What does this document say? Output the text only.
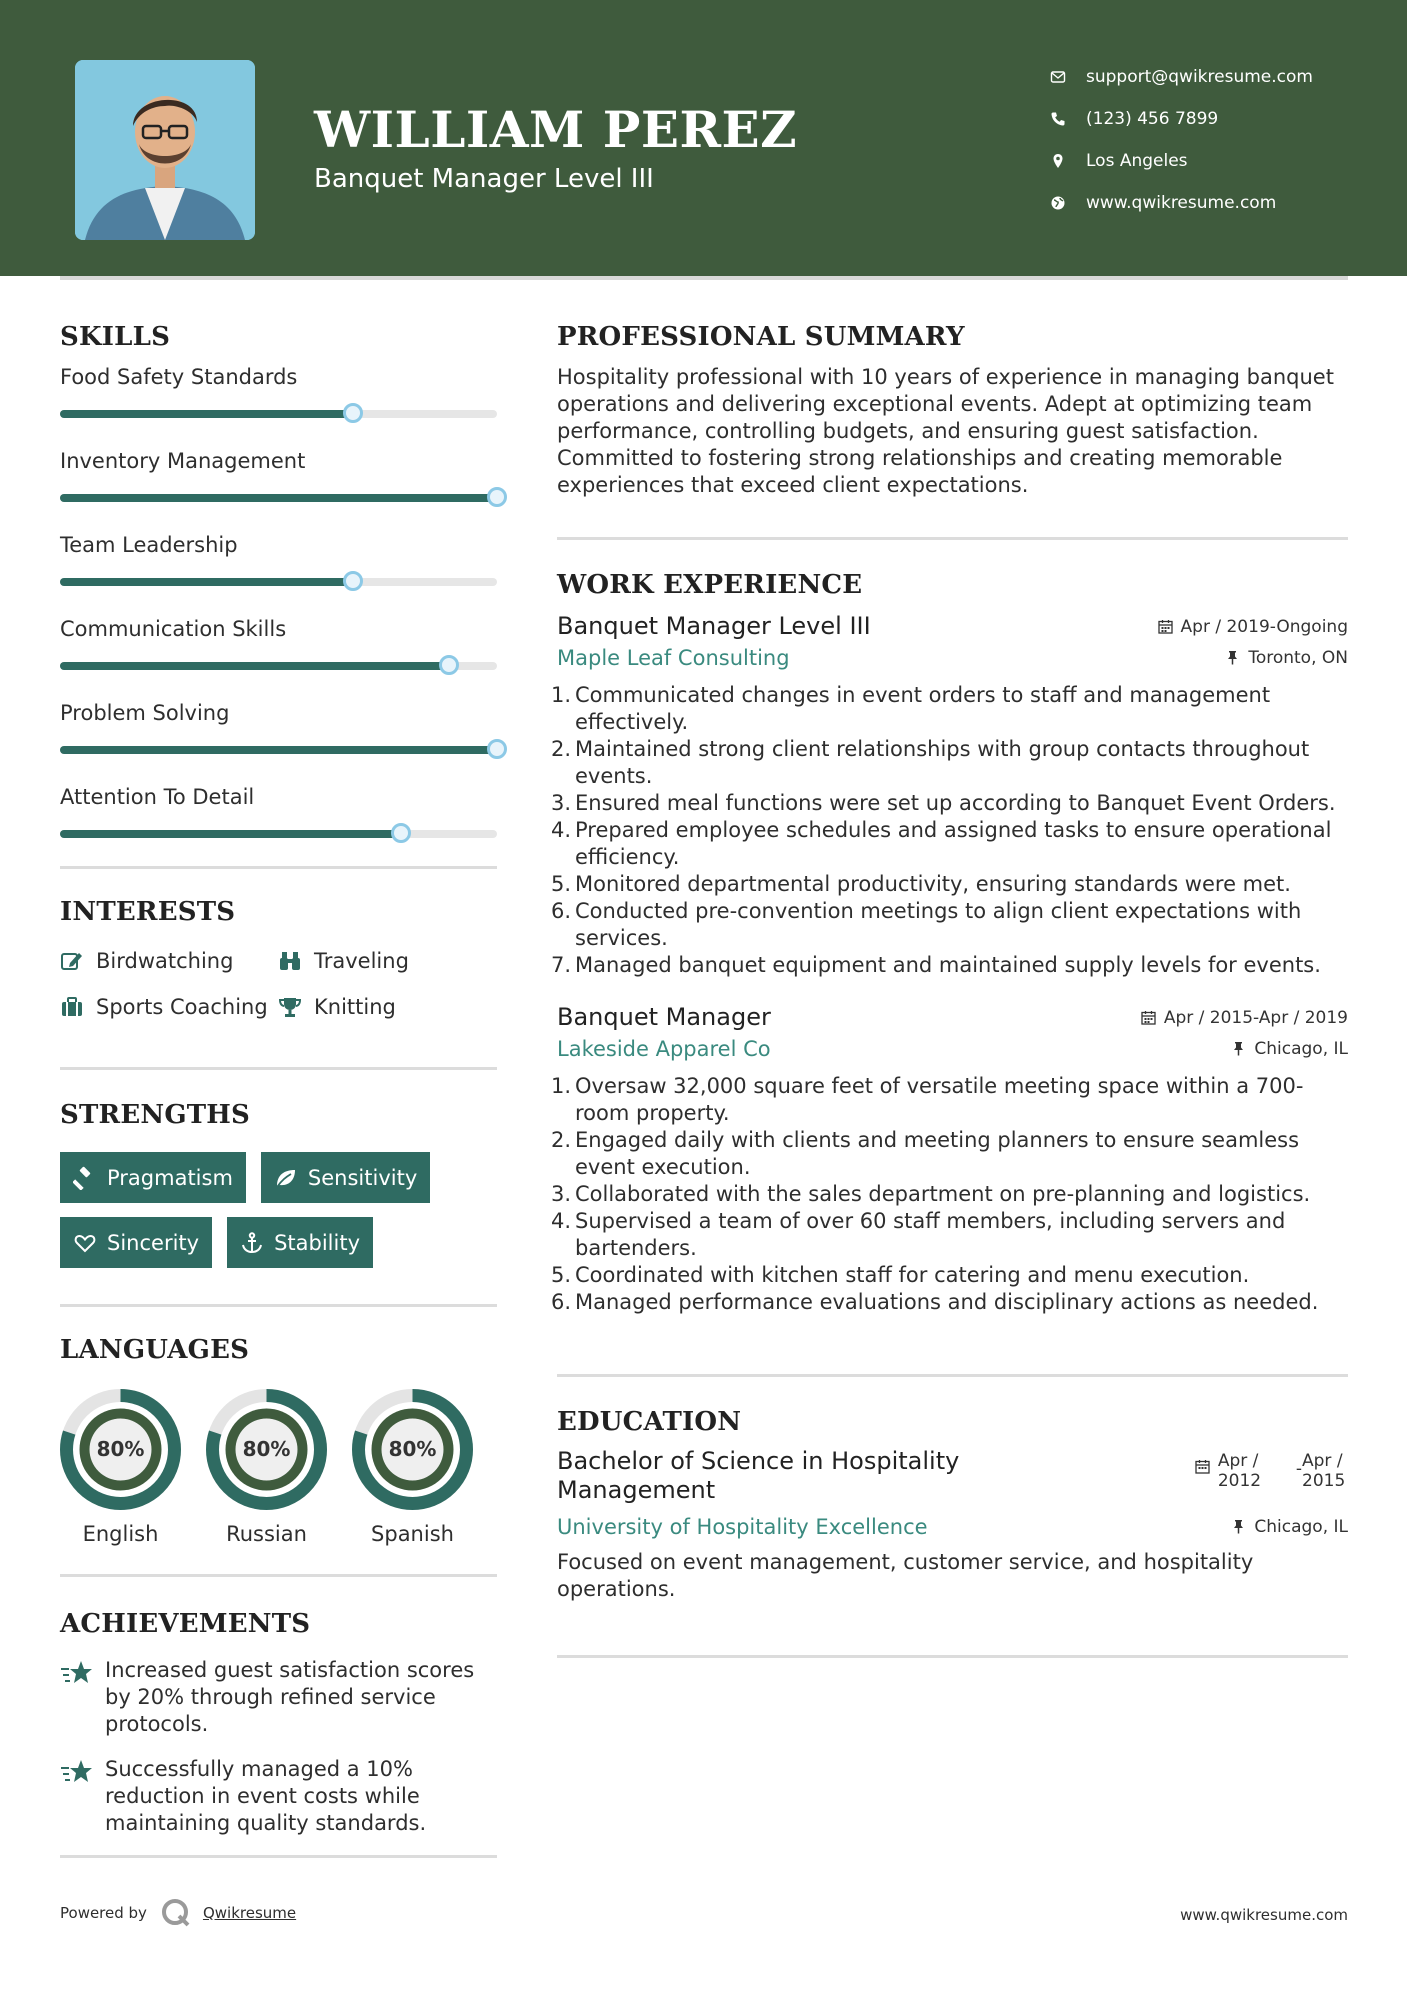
WILLIAM PEREZ
Banquet Manager Level III
support@qwikresume.com
(123) 456 7899
Los Angeles
www.qwikresume.com
SKILLS
Food Safety Standards
Inventory Management
Team Leadership
Communication Skills
Problem Solving
Attention To Detail
INTERESTS
Birdwatching	Traveling
Sports Coaching Knitting
STRENGTHS
Pragmatism	Sensitivity
Sincerity	Stability
LANGUAGES
80%
English
80%
Russian
80%
Spanish
ACHIEVEMENTS
Increased guest satisfaction scores by 20% through refined service protocols.
Successfully managed a 10% reduction in event costs while maintaining quality standards.
PROFESSIONAL SUMMARY
Hospitality professional with 10 years of experience in managing banquet operations and delivering exceptional events. Adept at optimizing team performance, controlling budgets, and ensuring guest satisfaction. Committed to fostering strong relationships and creating memorable experiences that exceed client expectations.
WORK EXPERIENCE
Banquet Manager Level III	Apr / 2019-Ongoing
Maple Leaf Consulting	Toronto, ON
1. Communicated changes in event orders to staff and management effectively.
2. Maintained strong client relationships with group contacts throughout events.
3. Ensured meal functions were set up according to Banquet Event Orders.
4. Prepared employee schedules and assigned tasks to ensure operational efficiency.
5. Monitored departmental productivity, ensuring standards were met.
6. Conducted pre-convention meetings to align client expectations with services.
7. Managed banquet equipment and maintained supply levels for events.
Banquet Manager	Apr / 2015-Apr / 2019
Lakeside Apparel Co	Chicago, IL
1. Oversaw 32,000 square feet of versatile meeting space within a 700-room property.
2. Engaged daily with clients and meeting planners to ensure seamless event execution.
3. Collaborated with the sales department on pre-planning and logistics.
4. Supervised a team of over 60 staff members, including servers and bartenders.
5. Coordinated with kitchen staff for catering and menu execution.
6. Managed performance evaluations and disciplinary actions as needed.
EDUCATION
Bachelor of Science in Hospitality Management
Apr / 2012
- Apr / 2015
University of Hospitality Excellence	Chicago, IL
Focused on event management, customer service, and hospitality operations.
Powered by	Qwikresume	www.qwikresume.com
